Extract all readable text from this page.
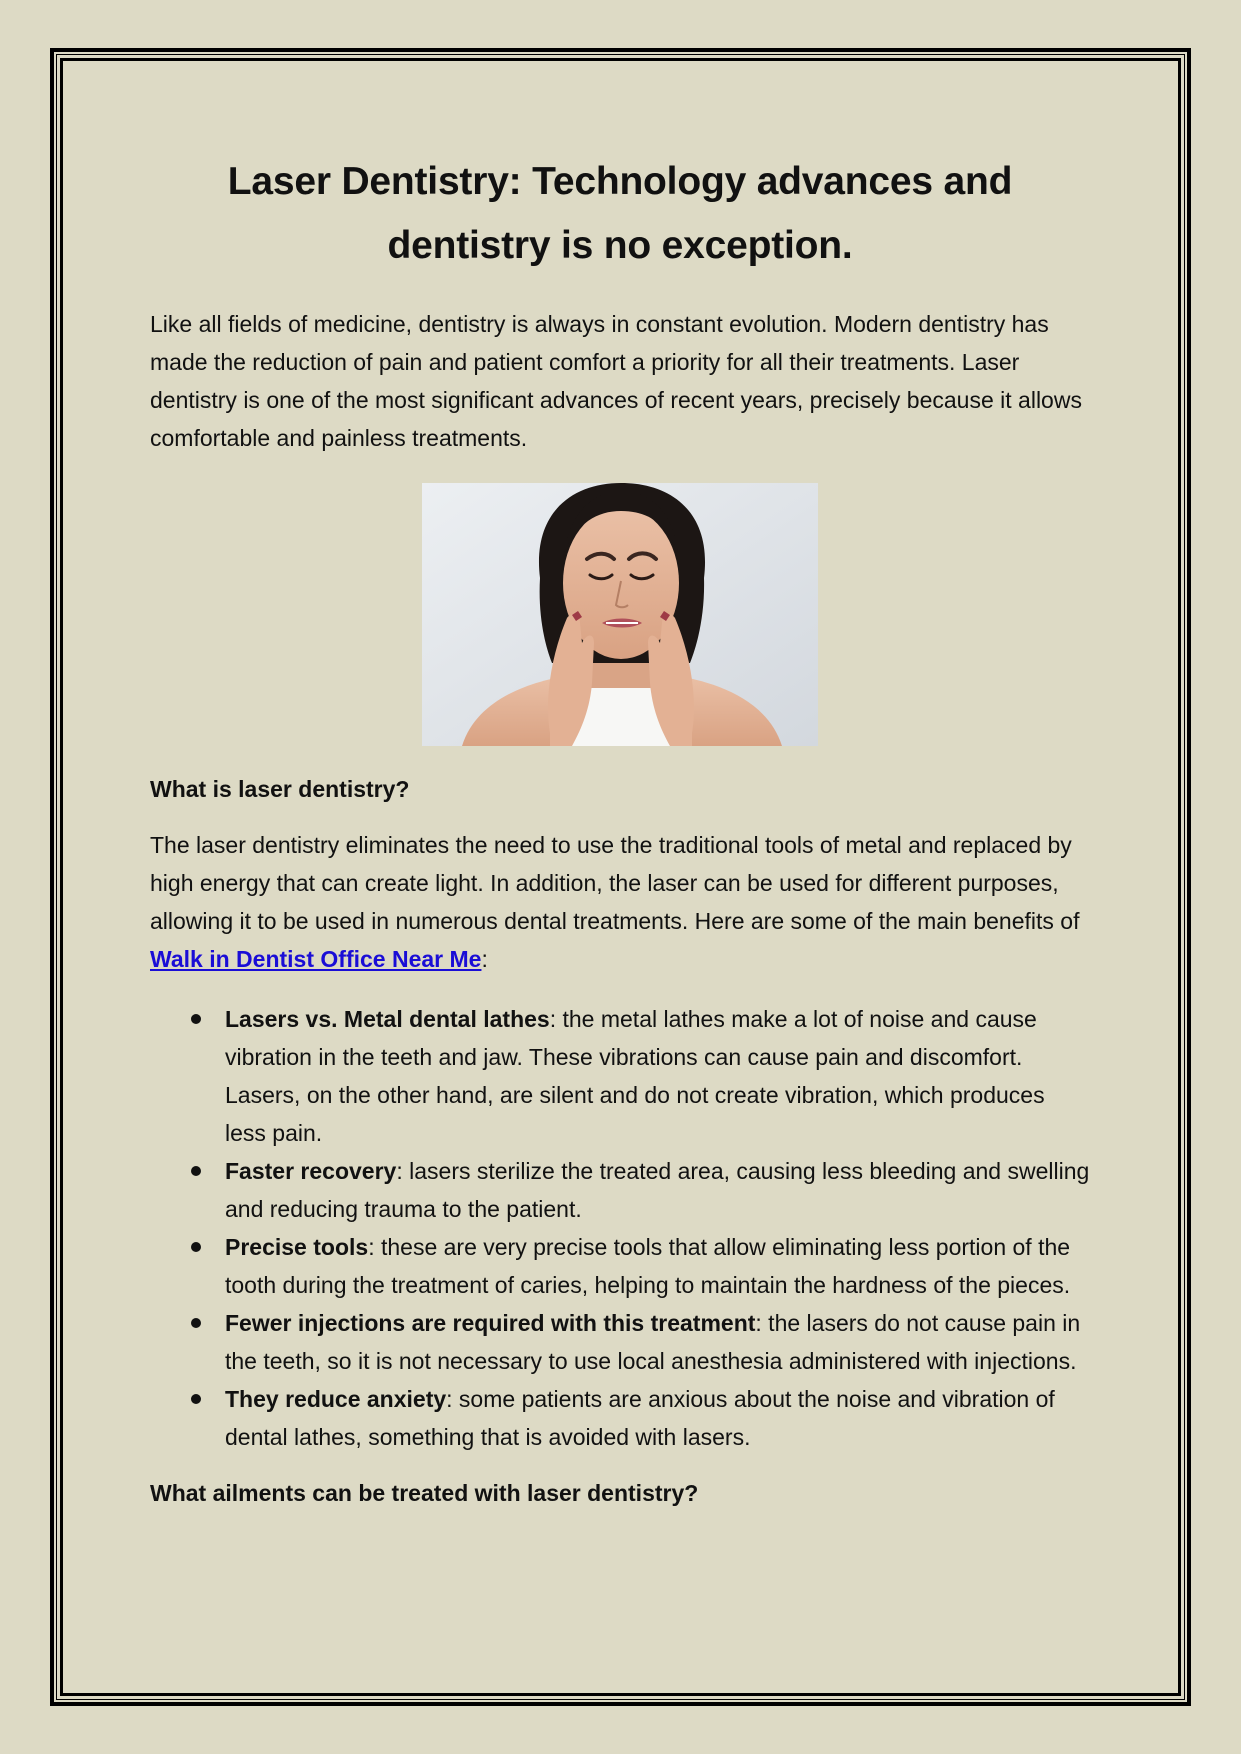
Laser Dentistry: Technology advances and dentistry is no exception.

Like all fields of medicine, dentistry is always in constant evolution. Modern dentistry has made the reduction of pain and patient comfort a priority for all their treatments. Laser dentistry is one of the most significant advances of recent years, precisely because it allows comfortable and painless treatments.

What is laser dentistry?

The laser dentistry eliminates the need to use the traditional tools of metal and replaced by high energy that can create light. In addition, the laser can be used for different purposes, allowing it to be used in numerous dental treatments. Here are some of the main benefits of Walk in Dentist Office Near Me:

Lasers vs. Metal dental lathes: the metal lathes make a lot of noise and cause vibration in the teeth and jaw. These vibrations can cause pain and discomfort. Lasers, on the other hand, are silent and do not create vibration, which produces less pain.
Faster recovery: lasers sterilize the treated area, causing less bleeding and swelling and reducing trauma to the patient.
Precise tools: these are very precise tools that allow eliminating less portion of the tooth during the treatment of caries, helping to maintain the hardness of the pieces.
Fewer injections are required with this treatment: the lasers do not cause pain in the teeth, so it is not necessary to use local anesthesia administered with injections.
They reduce anxiety: some patients are anxious about the noise and vibration of dental lathes, something that is avoided with lasers.

What ailments can be treated with laser dentistry?
